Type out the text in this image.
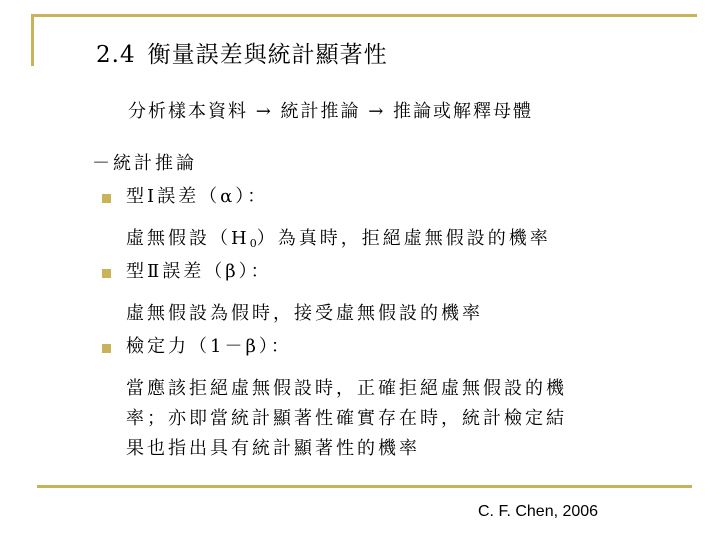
2.4 衡量誤差與統計顯著性
分析樣本資料 → 統計推論 → 推論或解釋母體
－統計推論
型I誤差（α）：
虛無假設$(H_0)$為真時，拒絕虛無假設的機率
型Ⅱ誤差（β）：
虛無假設為假時，接受虛無假設的機率
檢定力（1－β）：
當應該拒絕虛無假設時，正確拒絕虛無假設的機
率；亦即當統計顯著性確實存在時，統計檢定結
果也指出具有統計顯著性的機率
C. F. Chen, 2006
